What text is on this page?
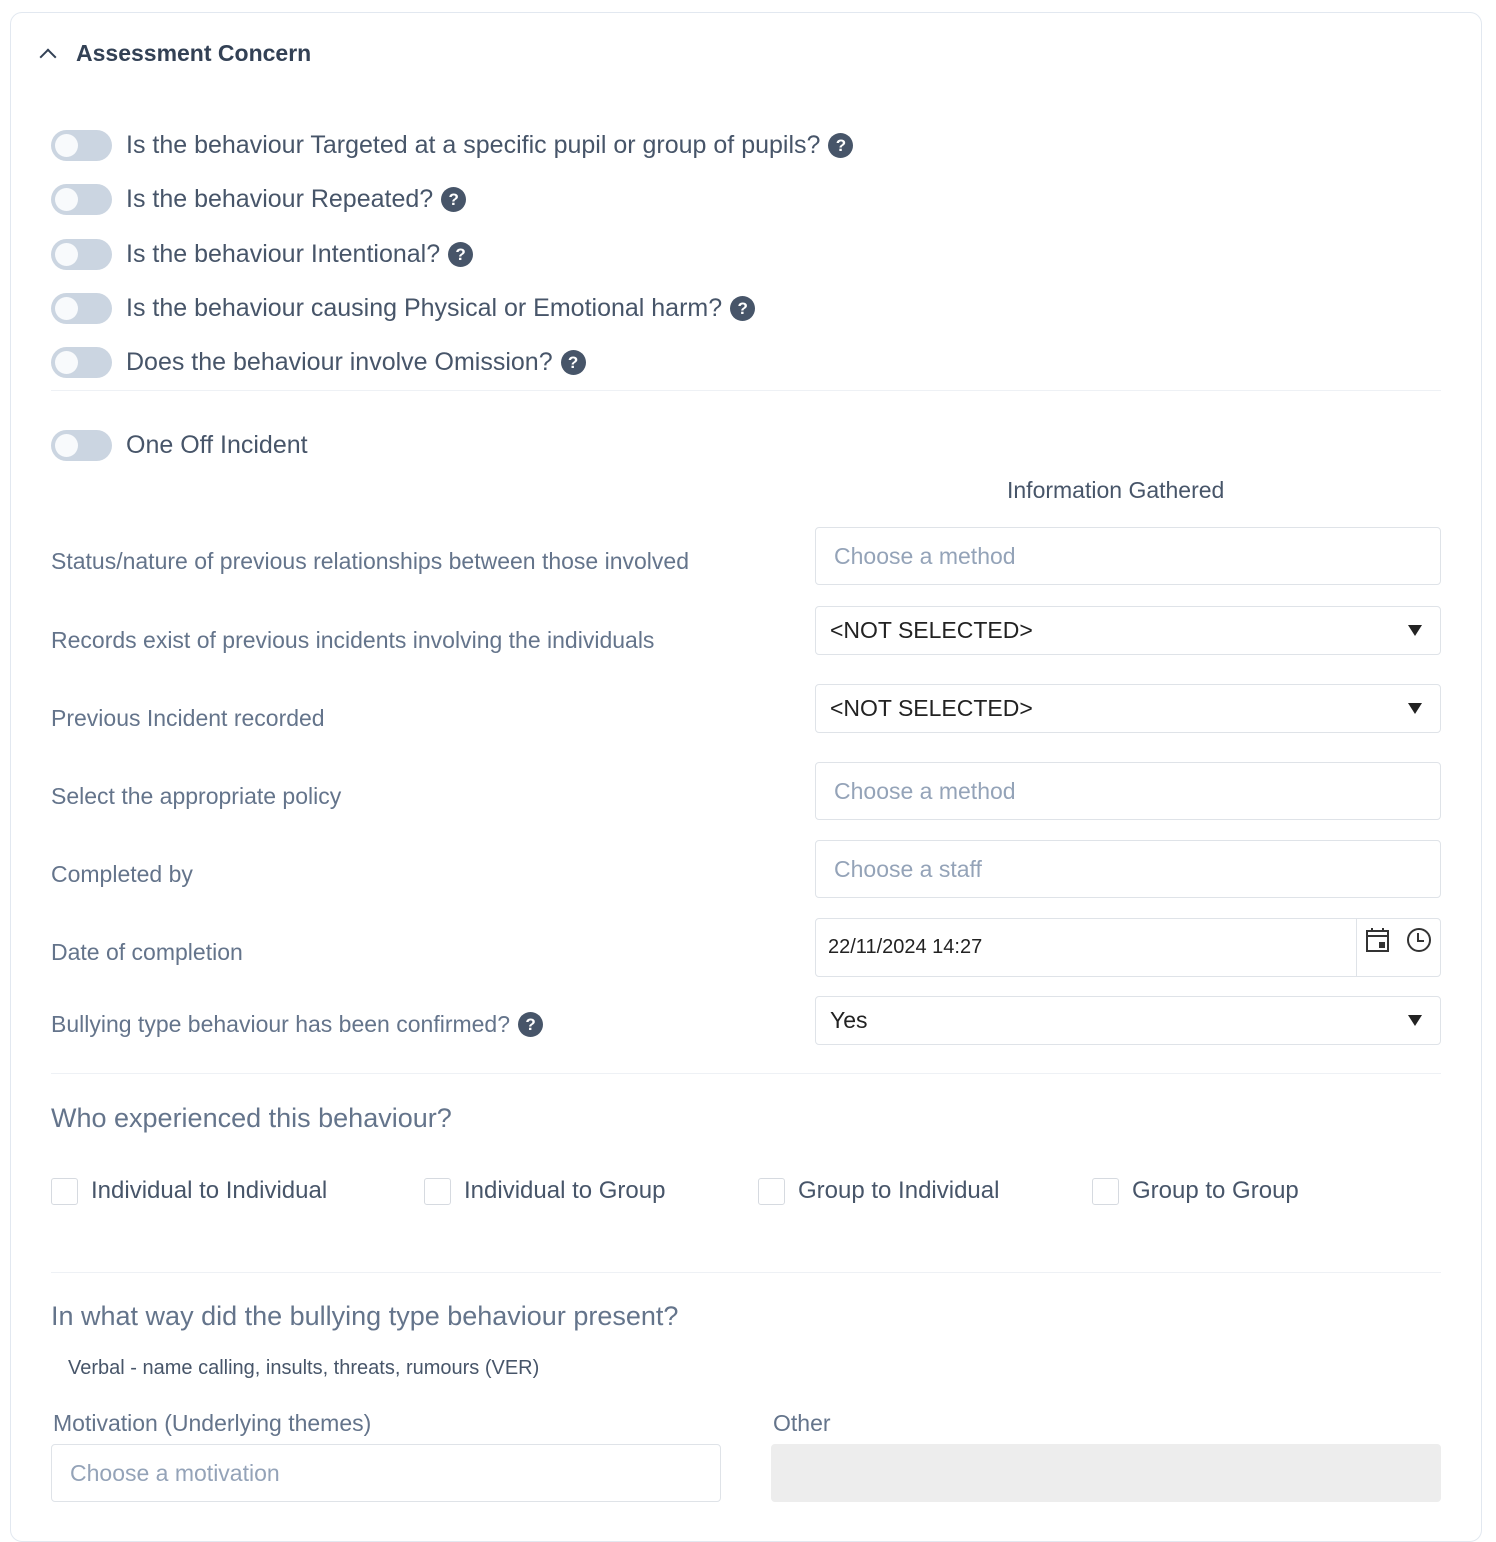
Assessment Concern
Is the behaviour Targeted at a specific pupil or group of pupils? ?
Is the behaviour Repeated? ?
Is the behaviour Intentional? ?
Is the behaviour causing Physical or Emotional harm? ?
Does the behaviour involve Omission? ?
One Off Incident
Information Gathered
Status/nature of previous relationships between those involved	Choose a method
Records exist of previous incidents involving the individuals	<NOT SELECTED>
Previous Incident recorded	<NOT SELECTED>
Select the appropriate policy	Choose a method
Completed by	Choose a staff
Date of completion	22/11/2024 14:27
Bullying type behaviour has been confirmed? ?	Yes
Who experienced this behaviour?
Individual to Individual	Individual to Group	Group to Individual	Group to Group
In what way did the bullying type behaviour present?
Verbal - name calling, insults, threats, rumours (VER)
Motivation (Underlying themes)
Choose a motivation
Other
